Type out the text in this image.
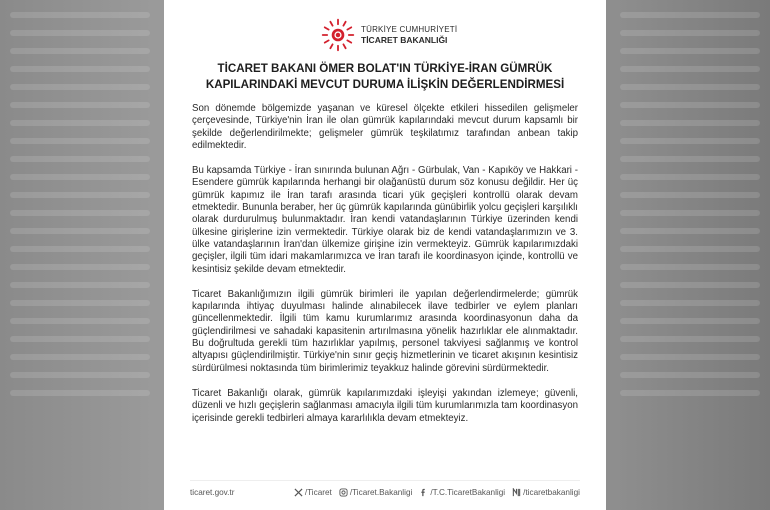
TÜRKİYE CUMHURİYETİ
TİCARET BAKANLIĞI
TİCARET BAKANI ÖMER BOLAT'IN TÜRKİYE-İRAN GÜMRÜK KAPILARINDAKİ MEVCUT DURUMA İLİŞKİN DEĞERLENDİRMESİ

Son dönemde bölgemizde yaşanan ve küresel ölçekte etkileri hissedilen gelişmeler çerçevesinde, Türkiye'nin İran ile olan gümrük kapılarındaki mevcut durum kapsamlı bir şekilde değerlendirilmekte; gelişmeler gümrük teşkilatımız tarafından anbean takip edilmektedir.

Bu kapsamda Türkiye - İran sınırında bulunan Ağrı - Gürbulak, Van - Kapıköy ve Hakkari - Esendere gümrük kapılarında herhangi bir olağanüstü durum söz konusu değildir. Her üç gümrük kapımız ile İran tarafı arasında ticari yük geçişleri kontrollü olarak devam etmektedir. Bununla beraber, her üç gümrük kapılarında günübirlik yolcu geçişleri karşılıklı olarak durdurulmuş bulunmaktadır. İran kendi vatandaşlarının Türkiye üzerinden kendi ülkesine girişlerine izin vermektedir. Türkiye olarak biz de kendi vatandaşlarımızın ve 3. ülke vatandaşlarının İran'dan ülkemize girişine izin vermekteyiz. Gümrük kapılarımızdaki geçişler, ilgili tüm idari makamlarımızca ve İran tarafı ile koordinasyon içinde, kontrollü ve kesintisiz şekilde devam etmektedir.

Ticaret Bakanlığımızın ilgili gümrük birimleri ile yapılan değerlendirmelerde; gümrük kapılarında ihtiyaç duyulması halinde alınabilecek ilave tedbirler ve eylem planları güncellenmektedir. İlgili tüm kamu kurumlarımız arasında koordinasyonun daha da güçlendirilmesi ve sahadaki kapasitenin artırılmasına yönelik hazırlıklar ele alınmaktadır. Bu doğrultuda gerekli tüm hazırlıklar yapılmış, personel takviyesi sağlanmış ve kontrol altyapısı güçlendirilmiştir. Türkiye'nin sınır geçiş hizmetlerinin ve ticaret akışının kesintisiz sürdürülmesi noktasında tüm birimlerimiz teyakkuz halinde görevini sürdürmektedir.

Ticaret Bakanlığı olarak, gümrük kapılarımızdaki işleyişi yakından izlemeye; güvenli, düzenli ve hızlı geçişlerin sağlanması amacıyla ilgili tüm kurumlarımızla tam koordinasyon içerisinde gerekli tedbirleri almaya kararlılıkla devam etmekteyiz.

ticaret.gov.tr	/Ticaret /Ticaret.Bakanligi /T.C.TicaretBakanligi /ticaretbakanligi
